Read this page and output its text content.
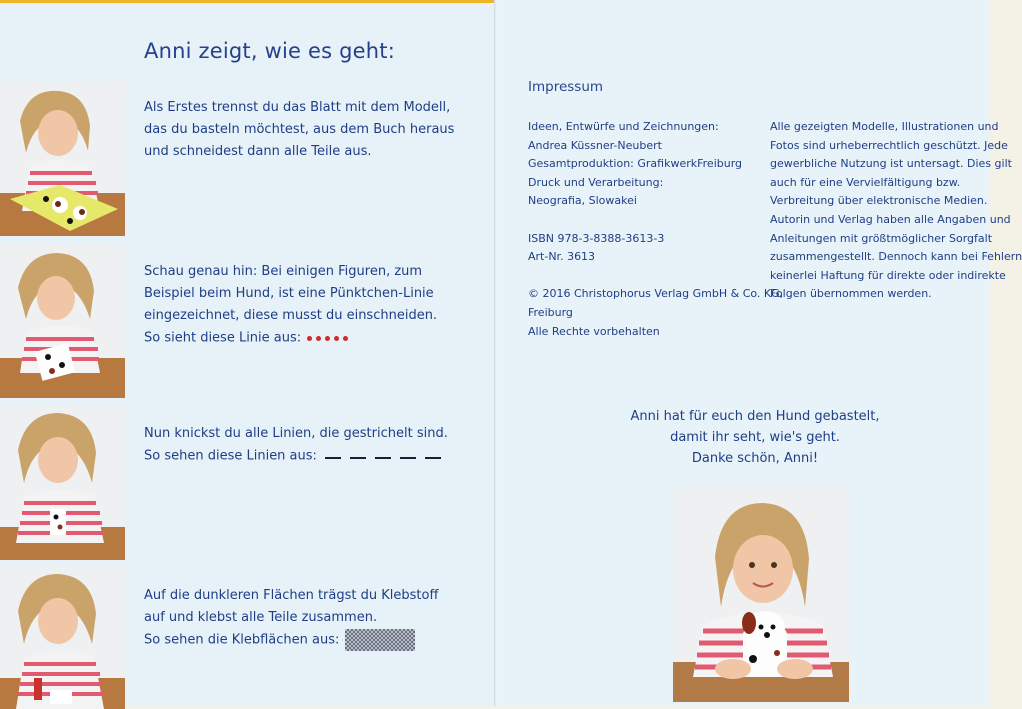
Anni zeigt, wie es geht:
Als Erstes trennst du das Blatt mit dem Modell,
das du basteln möchtest, aus dem Buch heraus
und schneidest dann alle Teile aus.
Schau genau hin: Bei einigen Figuren, zum
Beispiel beim Hund, ist eine Pünktchen-Linie
eingezeichnet, diese musst du einschneiden.
So sieht diese Linie aus:
Nun knickst du alle Linien, die gestrichelt sind.
So sehen diese Linien aus:
Auf die dunkleren Flächen trägst du Klebstoff
auf und klebst alle Teile zusammen.
So sehen die Klebflächen aus:
Impressum
Ideen, Entwürfe und Zeichnungen:
Andrea Küssner-Neubert
Gesamtproduktion: GrafikwerkFreiburg
Druck und Verarbeitung:
Neografia, Slowakei
ISBN 978-3-8388-3613-3
Art-Nr. 3613
© 2016 Christophorus Verlag GmbH & Co. KG,
Freiburg
Alle Rechte vorbehalten
Alle gezeigten Modelle, Illustrationen und
Fotos sind urheberrechtlich geschützt. Jede
gewerbliche Nutzung ist untersagt. Dies gilt
auch für eine Vervielfältigung bzw.
Verbreitung über elektronische Medien.
Autorin und Verlag haben alle Angaben und
Anleitungen mit größtmöglicher Sorgfalt
zusammengestellt. Dennoch kann bei Fehlern
keinerlei Haftung für direkte oder indirekte
Folgen übernommen werden.
Anni hat für euch den Hund gebastelt,
damit ihr seht, wie's geht.
Danke schön, Anni!
